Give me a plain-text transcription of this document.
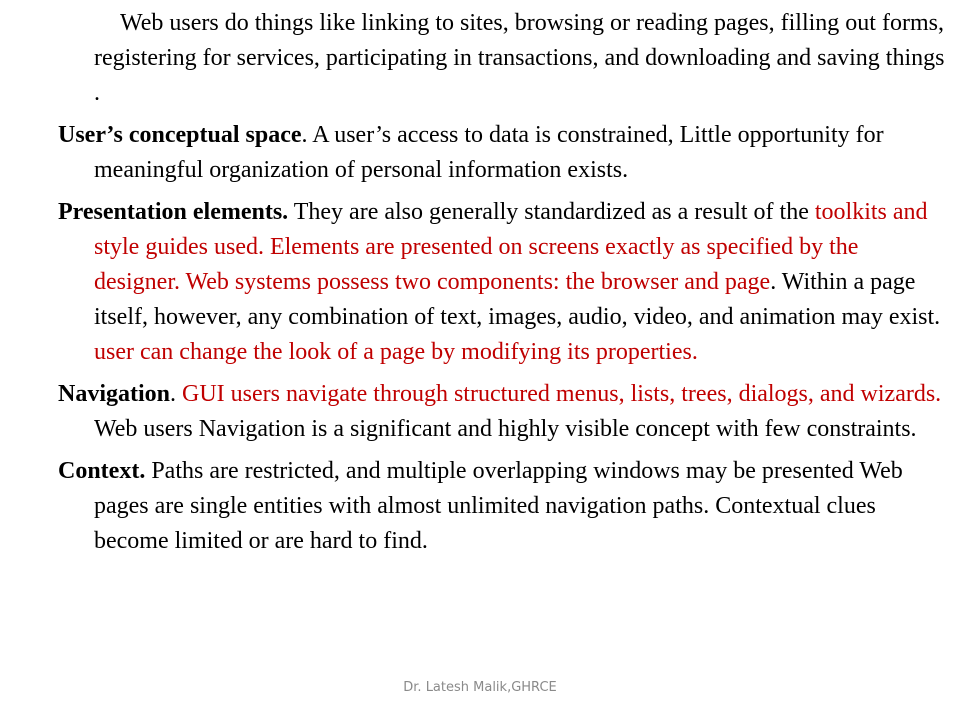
Web users do things like linking to sites, browsing or reading pages, filling out forms, registering for services, participating in transactions, and downloading and saving things .

User’s conceptual space. A user’s access to data is constrained, Little opportunity for meaningful organization of personal information exists.

Presentation elements. They are also generally standardized as a result of the toolkits and style guides used. Elements are presented on screens exactly as specified by the designer. Web systems possess two components: the browser and page. Within a page itself, however, any combination of text, images, audio, video, and animation may exist. user can change the look of a page by modifying its properties.

Navigation. GUI users navigate through structured menus, lists, trees, dialogs, and wizards. Web users Navigation is a significant and highly visible concept with few constraints.

Context. Paths are restricted, and multiple overlapping windows may be presented Web pages are single entities with almost unlimited navigation paths. Contextual clues become limited or are hard to find.

Dr. Latesh Malik,GHRCE
